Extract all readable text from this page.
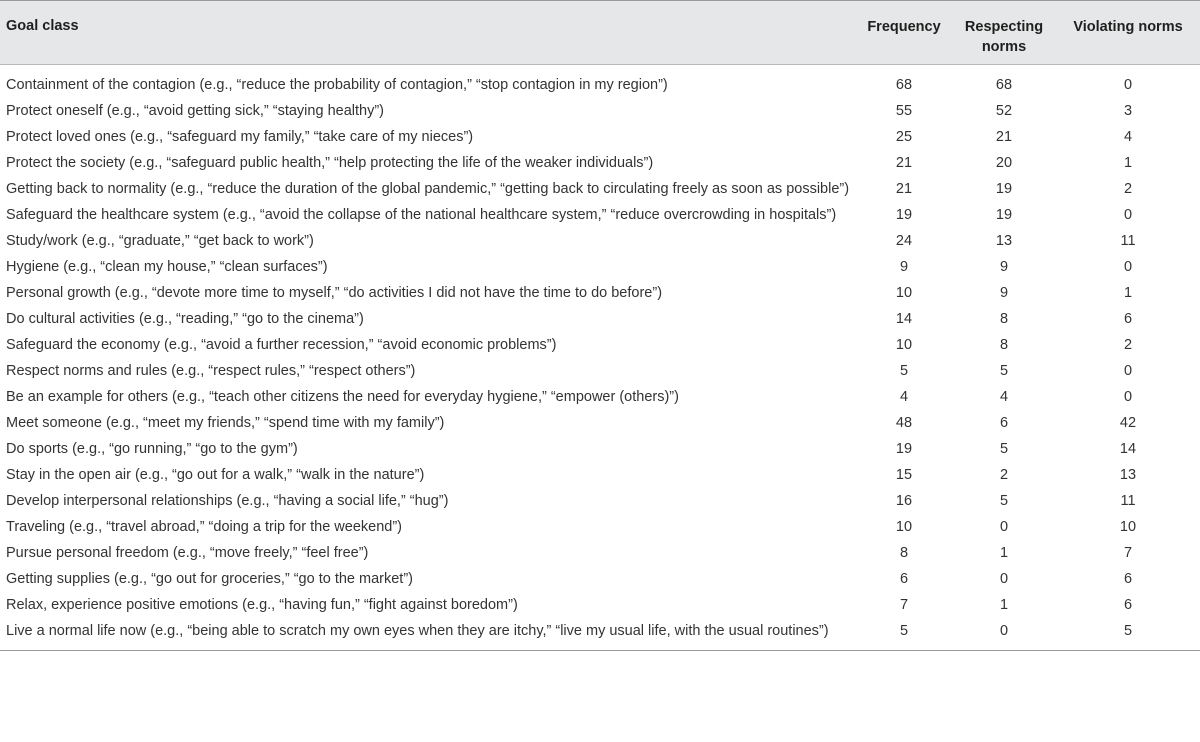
Goal class	Frequency	Respecting norms	Violating norms
Containment of the contagion (e.g., “reduce the probability of contagion,” “stop contagion in my region”)	68	68	0
Protect oneself (e.g., “avoid getting sick,” “staying healthy”)	55	52	3
Protect loved ones (e.g., “safeguard my family,” “take care of my nieces”)	25	21	4
Protect the society (e.g., “safeguard public health,” “help protecting the life of the weaker individuals”)	21	20	1
Getting back to normality (e.g., “reduce the duration of the global pandemic,” “getting back to circulating freely as soon as possible”)	21	19	2
Safeguard the healthcare system (e.g., “avoid the collapse of the national healthcare system,” “reduce overcrowding in hospitals”)	19	19	0
Study/work (e.g., “graduate,” “get back to work”)	24	13	11
Hygiene (e.g., “clean my house,” “clean surfaces”)	9	9	0
Personal growth (e.g., “devote more time to myself,” “do activities I did not have the time to do before”)	10	9	1
Do cultural activities (e.g., “reading,” “go to the cinema”)	14	8	6
Safeguard the economy (e.g., “avoid a further recession,” “avoid economic problems”)	10	8	2
Respect norms and rules (e.g., “respect rules,” “respect others”)	5	5	0
Be an example for others (e.g., “teach other citizens the need for everyday hygiene,” “empower (others)”)	4	4	0
Meet someone (e.g., “meet my friends,” “spend time with my family”)	48	6	42
Do sports (e.g., “go running,” “go to the gym”)	19	5	14
Stay in the open air (e.g., “go out for a walk,” “walk in the nature”)	15	2	13
Develop interpersonal relationships (e.g., “having a social life,” “hug”)	16	5	11
Traveling (e.g., “travel abroad,” “doing a trip for the weekend”)	10	0	10
Pursue personal freedom (e.g., “move freely,” “feel free”)	8	1	7
Getting supplies (e.g., “go out for groceries,” “go to the market”)	6	0	6
Relax, experience positive emotions (e.g., “having fun,” “fight against boredom”)	7	1	6
Live a normal life now (e.g., “being able to scratch my own eyes when they are itchy,” “live my usual life, with the usual routines”)	5	0	5
